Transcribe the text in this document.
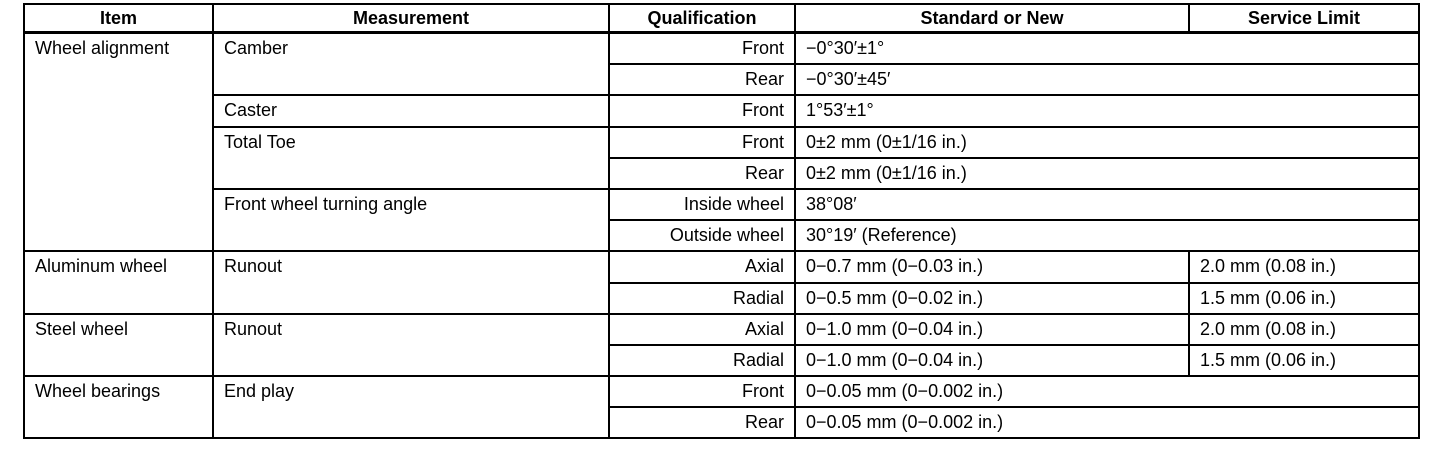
Item	Measurement	Qualification	Standard or New	Service Limit
Wheel alignment	Camber	Front	−0°30′±1°	
		Rear	−0°30′±45′	
	Caster	Front	1°53′±1°	
	Total Toe	Front	0±2 mm (0±1/16 in.)	
		Rear	0±2 mm (0±1/16 in.)	
	Front wheel turning angle	Inside wheel	38°08′	
		Outside wheel	30°19′ (Reference)	
Aluminum wheel	Runout	Axial	0−0.7 mm (0−0.03 in.)	2.0 mm (0.08 in.)
		Radial	0−0.5 mm (0−0.02 in.)	1.5 mm (0.06 in.)
Steel wheel	Runout	Axial	0−1.0 mm (0−0.04 in.)	2.0 mm (0.08 in.)
		Radial	0−1.0 mm (0−0.04 in.)	1.5 mm (0.06 in.)
Wheel bearings	End play	Front	0−0.05 mm (0−0.002 in.)	
		Rear	0−0.05 mm (0−0.002 in.)	
